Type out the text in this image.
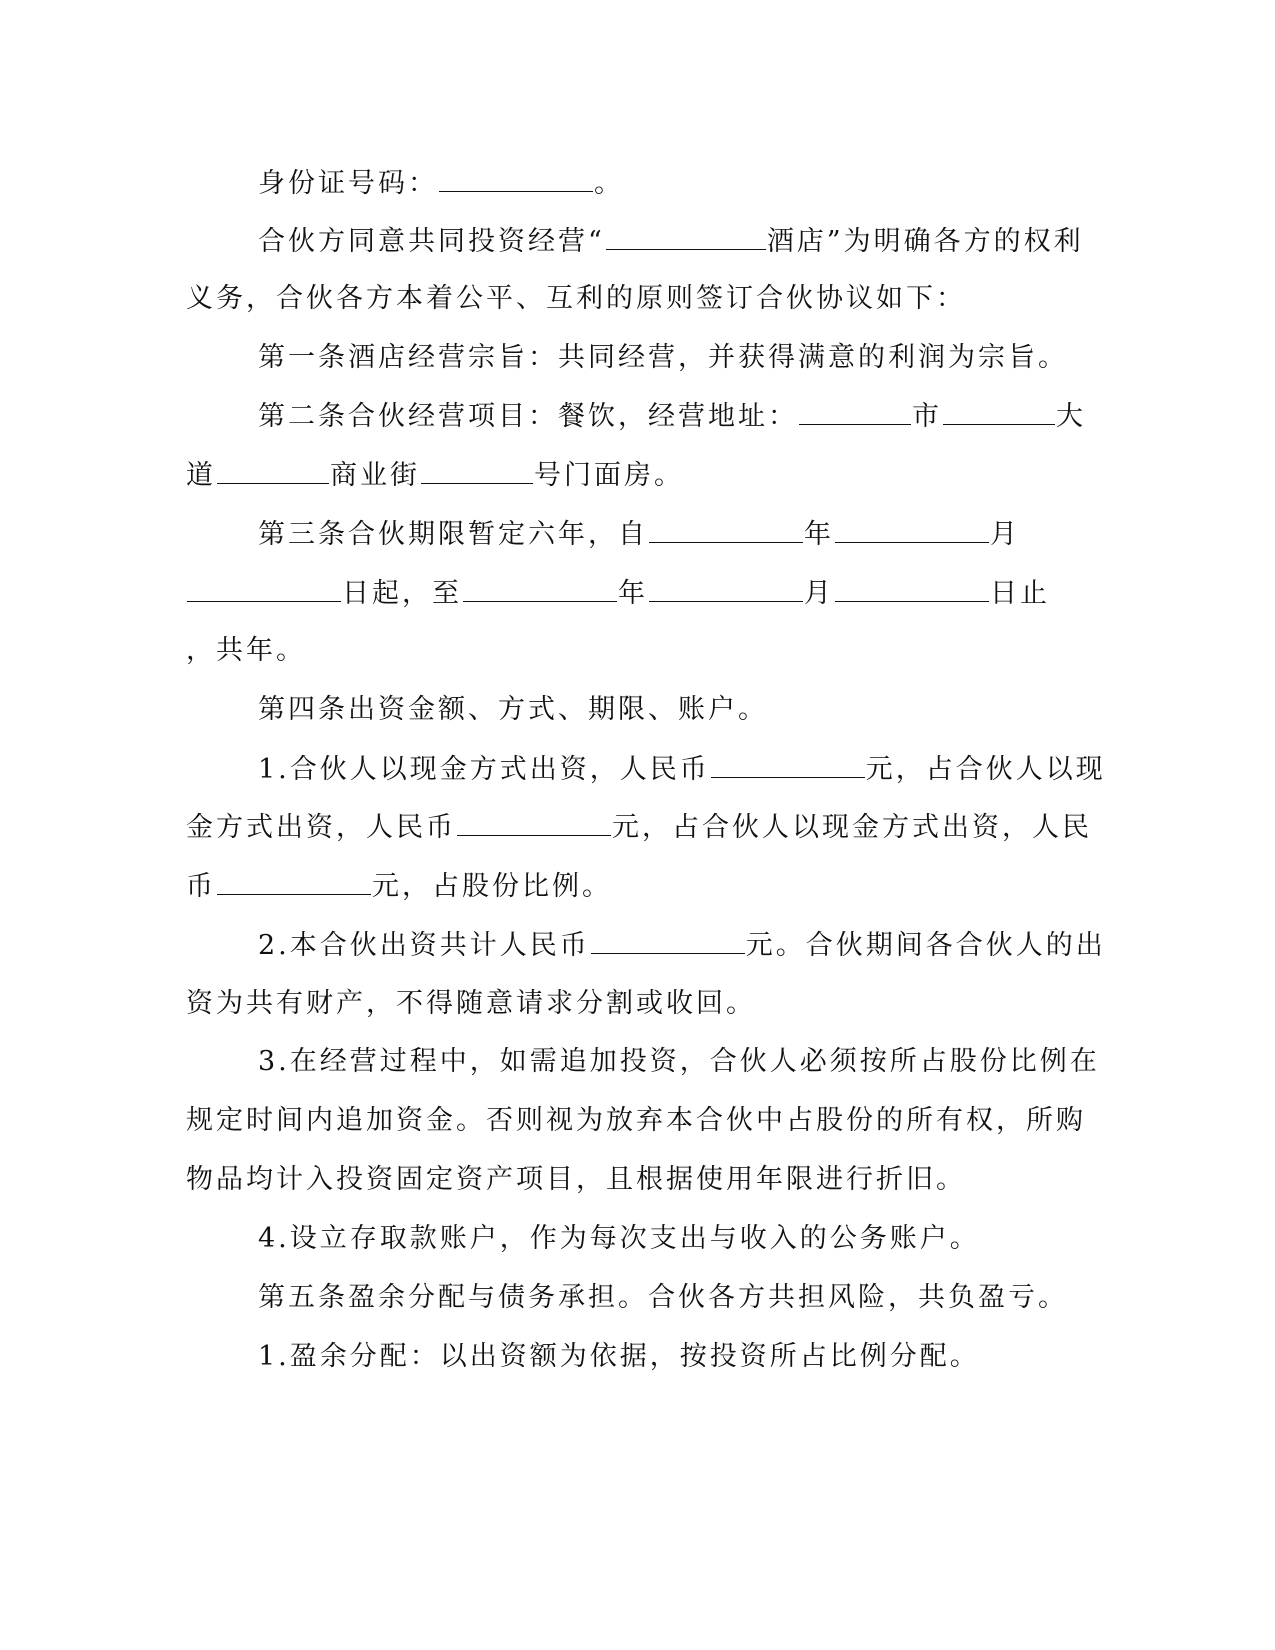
身份证号码：	。
合伙方同意共同投资经营“	酒店”为明确各方的权利
义务，合伙各方本着公平、互利的原则签订合伙协议如下：
第一条酒店经营宗旨：共同经营，并获得满意的利润为宗旨。
第二条合伙经营项目：餐饮，经营地址：	市	大
道	商业街	号门面房。
第三条合伙期限暂定六年，自	年	月
日起，至	年	月	日止
，共年。
第四条出资金额、方式、期限、账户。
1.合伙人以现金方式出资，人民币	元，占合伙人以现
金方式出资，人民币	元，占合伙人以现金方式出资，人民
币	元，占股份比例。
2.本合伙出资共计人民币	元。合伙期间各合伙人的出
资为共有财产，不得随意请求分割或收回。
3.在经营过程中，如需追加投资，合伙人必须按所占股份比例在
规定时间内追加资金。否则视为放弃本合伙中占股份的所有权，所购
物品均计入投资固定资产项目，且根据使用年限进行折旧。
4.设立存取款账户，作为每次支出与收入的公务账户。
第五条盈余分配与债务承担。合伙各方共担风险，共负盈亏。
1.盈余分配：以出资额为依据，按投资所占比例分配。
